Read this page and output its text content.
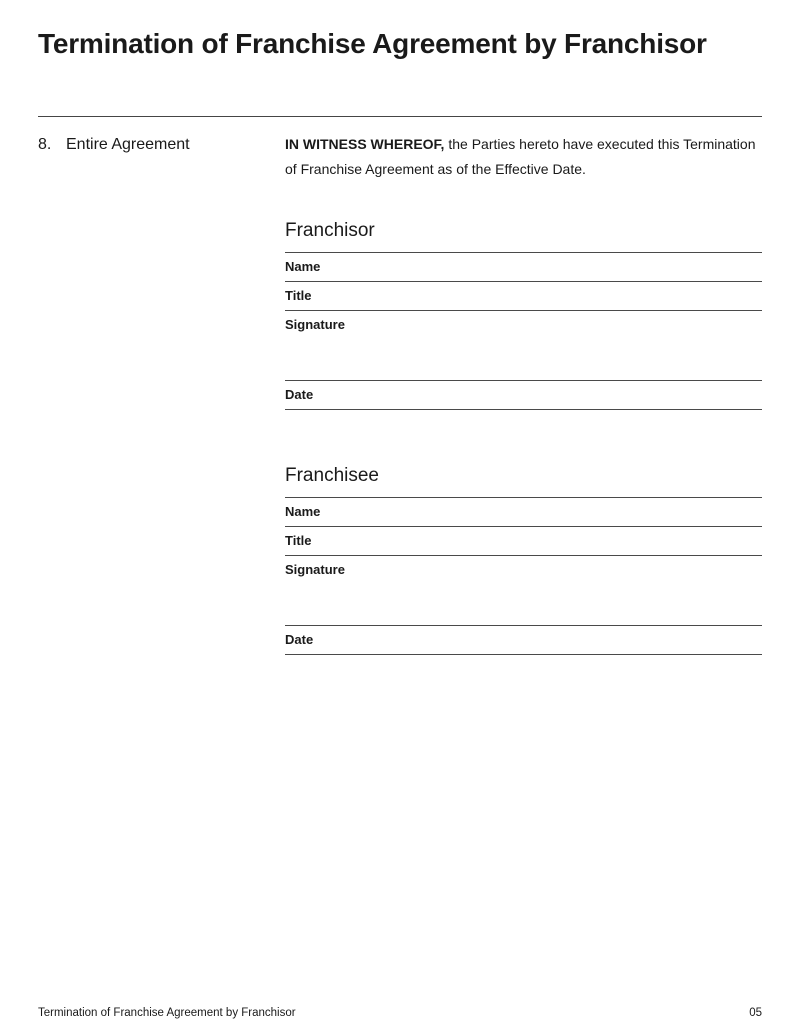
Termination of Franchise Agreement by Franchisor
8. Entire Agreement	IN WITNESS WHEREOF, the Parties hereto have executed this Termination of Franchise Agreement as of the Effective Date.

Franchisor
Name
Title
Signature
Date
Franchisee
Name
Title
Signature
Date
Termination of Franchise Agreement by Franchisor	05
